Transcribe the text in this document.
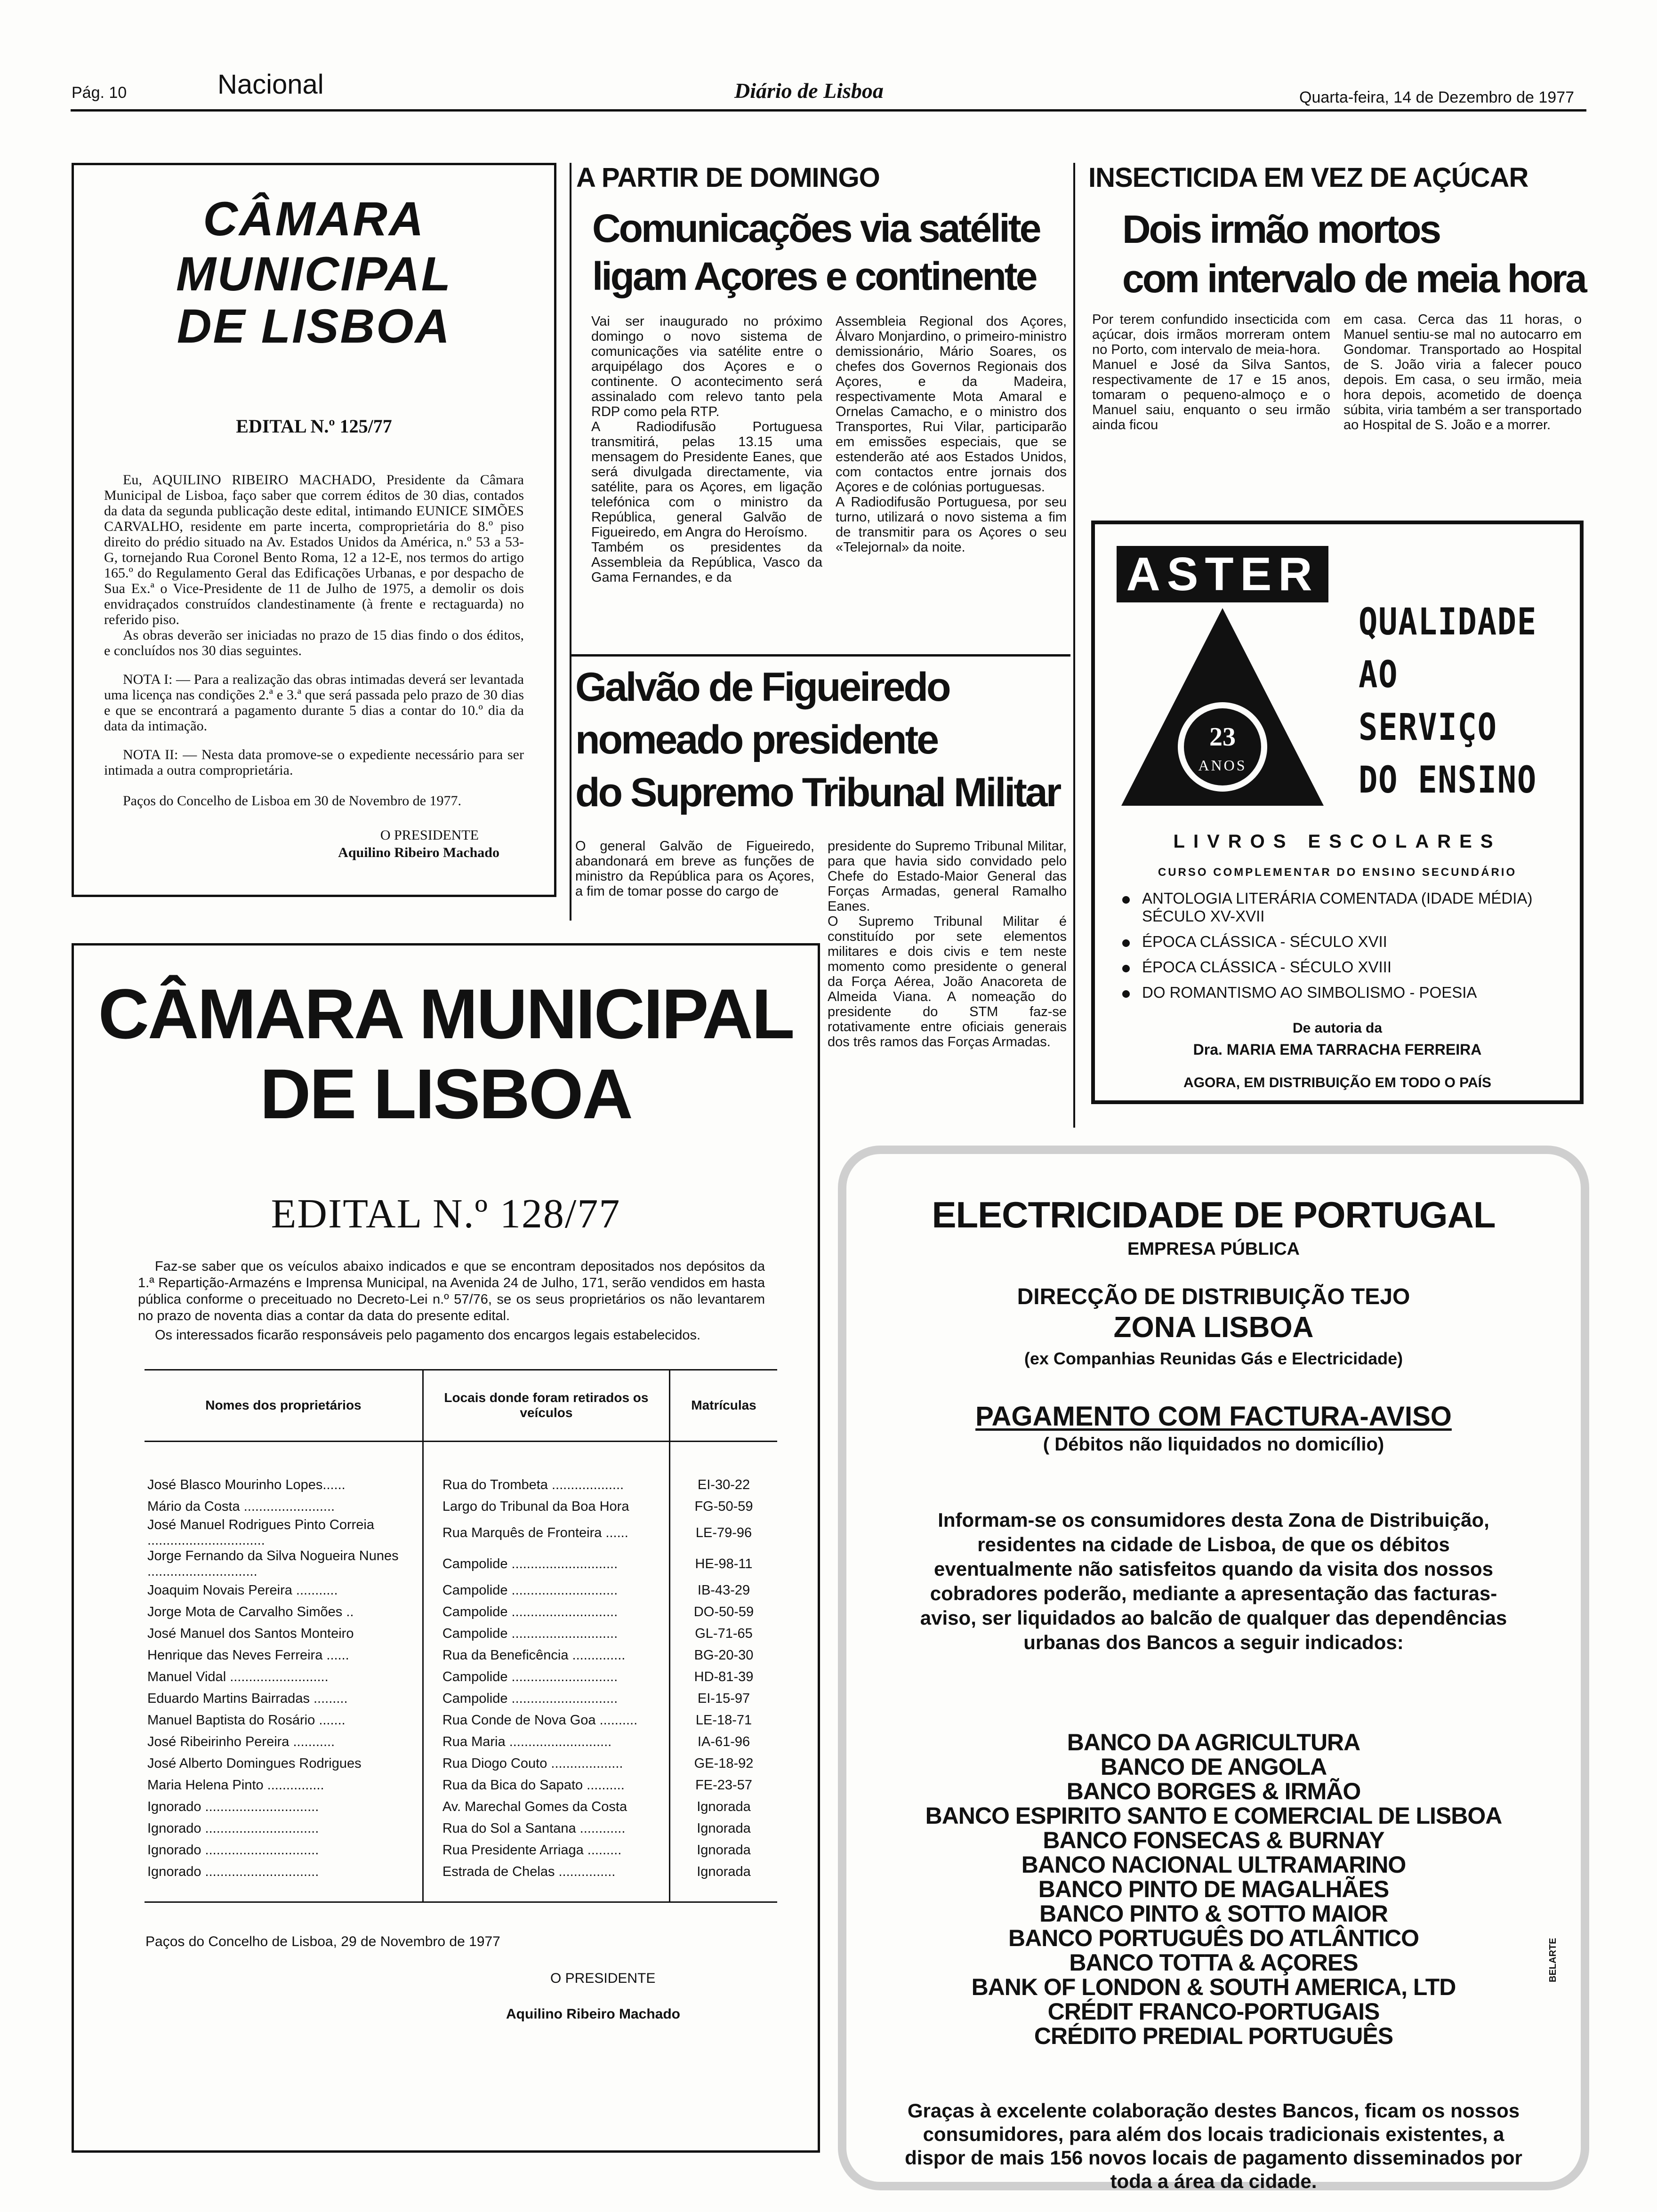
Pág. 10	Nacional	Diário de Lisboa	Quarta-feira, 14 de Dezembro de 1977
CÂMARA MUNICIPAL
DE LISBOA
EDITAL N.º 125/77

Eu, AQUILINO RIBEIRO MACHADO, Presidente da Câmara Municipal de Lisboa, faço saber que correm éditos de 30 dias, contados da data da segunda publicação deste edital, intimando EUNICE SIMÕES CARVALHO, residente em parte incerta, comproprietária do 8.º piso direito do prédio situado na Av. Estados Unidos da América, n.º 53 a 53-G, tornejando Rua Coronel Bento Roma, 12 a 12-E, nos termos do artigo 165.º do Regulamento Geral das Edificações Urbanas, e por despacho de Sua Ex.ª o Vice-Presidente de 11 de Julho de 1975, a demolir os dois envidraçados construídos clandestinamente (à frente e rectaguarda) no referido piso.

As obras deverão ser iniciadas no prazo de 15 dias findo o dos éditos, e concluídos nos 30 dias seguintes.

NOTA I: — Para a realização das obras intimadas deverá ser levantada uma licença nas condições 2.ª e 3.ª que será passada pelo prazo de 30 dias e que se encontrará a pagamento durante 5 dias a contar do 10.º dia da data da intimação.

NOTA II: — Nesta data promove-se o expediente necessário para ser intimada a outra comproprietária.

Paços do Concelho de Lisboa em 30 de Novembro de 1977.

O PRESIDENTE

Aquilino Ribeiro Machado

A PARTIR DE DOMINGO
Comunicações via satélite
ligam Açores e continente

Vai ser inaugurado no próximo domingo o novo sistema de comunicações via satélite entre o arquipélago dos Açores e o continente. O acontecimento será assinalado com relevo tanto pela RDP como pela RTP.
A Radiodifusão Portuguesa transmitirá, pelas 13.15 uma mensagem do Presidente Eanes, que será divulgada directamente, via satélite, para os Açores, em ligação telefónica com o ministro da República, general Galvão de Figueiredo, em Angra do Heroísmo.
Também os presidentes da Assembleia da República, Vasco da Gama Fernandes, e da

Assembleia Regional dos Açores, Álvaro Monjardino, o primeiro-ministro demissionário, Mário Soares, os chefes dos Governos Regionais dos Açores, e da Madeira, respectivamente Mota Amaral e Ornelas Camacho, e o ministro dos Transportes, Rui Vilar, participarão em emissões especiais, que se estenderão até aos Estados Unidos, com contactos entre jornais dos Açores e de colónias portuguesas.
A Radiodifusão Portuguesa, por seu turno, utilizará o novo sistema a fim de transmitir para os Açores o seu «Telejornal» da noite.

Galvão de Figueiredo
nomeado presidente
do Supremo Tribunal Militar

O general Galvão de Figueiredo, abandonará em breve as funções de ministro da República para os Açores, a fim de tomar posse do cargo de

presidente do Supremo Tribunal Militar, para que havia sido convidado pelo Chefe do Estado-Maior General das Forças Armadas, general Ramalho Eanes.
O Supremo Tribunal Militar é constituído por sete elementos militares e dois civis e tem neste momento como presidente o general da Força Aérea, João Anacoreta de Almeida Viana. A nomeação do presidente do STM faz-se rotativamente entre oficiais generais dos três ramos das Forças Armadas.

INSECTICIDA EM VEZ DE AÇÚCAR
Dois irmão mortos
com intervalo de meia hora

Por terem confundido insecticida com açúcar, dois irmãos morreram ontem no Porto, com intervalo de meia-hora.
Manuel e José da Silva Santos, respectivamente de 17 e 15 anos, tomaram o pequeno-almoço e o Manuel saiu, enquanto o seu irmão ainda ficou

em casa. Cerca das 11 horas, o Manuel sentiu-se mal no autocarro em Gondomar. Transportado ao Hospital de S. João viria a falecer pouco depois. Em casa, o seu irmão, meia hora depois, acometido de doença súbita, viria também a ser transportado ao Hospital de S. João e a morrer.

ASTER
23
ANOS
QUALIDADE
AO SERVIÇO
DO ENSINO
LIVROS ESCOLARES
CURSO COMPLEMENTAR DO ENSINO SECUNDÁRIO
ANTOLOGIA LITERÁRIA COMENTADA (IDADE MÉDIA) SÉCULO XV-XVII
ÉPOCA CLÁSSICA - SÉCULO XVII
ÉPOCA CLÁSSICA - SÉCULO XVIII
DO ROMANTISMO AO SIMBOLISMO - POESIA
De autoria da
Dra. MARIA EMA TARRACHA FERREIRA
AGORA, EM DISTRIBUIÇÃO EM TODO O PAÍS
CÂMARA MUNICIPAL
DE LISBOA
EDITAL N.º 128/77

Faz-se saber que os veículos abaixo indicados e que se encontram depositados nos depósitos da 1.ª Repartição-Armazéns e Imprensa Municipal, na Avenida 24 de Julho, 171, serão vendidos em hasta pública conforme o preceituado no Decreto-Lei n.º 57/76, se os seus proprietários os não levantarem no prazo de noventa dias a contar da data do presente edital.

Os interessados ficarão responsáveis pelo pagamento dos encargos legais estabelecidos.

Nomes dos proprietários	Locais donde foram retirados os veículos	Matrículas

José Blasco Mourinho Lopes......	Rua do Trombeta ...................	EI-30-22
Mário da Costa ........................	Largo do Tribunal da Boa Hora	FG-50-59
José Manuel Rodrigues Pinto Correia ...............................	Rua Marquês de Fronteira ......	LE-79-96
Jorge Fernando da Silva Nogueira Nunes .............................	Campolide ............................	HE-98-11
Joaquim Novais Pereira ...........	Campolide ............................	IB-43-29
Jorge Mota de Carvalho Simões ..	Campolide ............................	DO-50-59
José Manuel dos Santos Monteiro	Campolide ............................	GL-71-65
Henrique das Neves Ferreira ......	Rua da Beneficência ..............	BG-20-30
Manuel Vidal ..........................	Campolide ............................	HD-81-39
Eduardo Martins Bairradas .........	Campolide ............................	EI-15-97
Manuel Baptista do Rosário .......	Rua Conde de Nova Goa ..........	LE-18-71
José Ribeirinho Pereira ...........	Rua Maria ...........................	IA-61-96
José Alberto Domingues Rodrigues	Rua Diogo Couto ...................	GE-18-92
Maria Helena Pinto ...............	Rua da Bica do Sapato ..........	FE-23-57
Ignorado ..............................	Av. Marechal Gomes da Costa	Ignorada
Ignorado ..............................	Rua do Sol a Santana ............	Ignorada
Ignorado ..............................	Rua Presidente Arriaga .........	Ignorada
Ignorado ..............................	Estrada de Chelas ...............	Ignorada

Paços do Concelho de Lisboa, 29 de Novembro de 1977
O PRESIDENTE
Aquilino Ribeiro Machado
ELECTRICIDADE DE PORTUGAL
EMPRESA PÚBLICA
DIRECÇÃO DE DISTRIBUIÇÃO TEJO
ZONA LISBOA
(ex Companhias Reunidas Gás e Electricidade)
PAGAMENTO COM FACTURA-AVISO
( Débitos não liquidados no domicílio)
Informam-se os consumidores desta Zona de Distribuição, residentes na cidade de Lisboa, de que os débitos eventualmente não satisfeitos quando da visita dos nossos cobradores poderão, mediante a apresentação das facturas-aviso, ser liquidados ao balcão de qualquer das dependências urbanas dos Bancos a seguir indicados:
BANCO DA AGRICULTURA
BANCO DE ANGOLA
BANCO BORGES & IRMÃO
BANCO ESPIRITO SANTO E COMERCIAL DE LISBOA
BANCO FONSECAS & BURNAY
BANCO NACIONAL ULTRAMARINO
BANCO PINTO DE MAGALHÃES
BANCO PINTO & SOTTO MAIOR
BANCO PORTUGUÊS DO ATLÂNTICO
BANCO TOTTA & AÇORES
BANK OF LONDON & SOUTH AMERICA, LTD
CRÉDIT FRANCO-PORTUGAIS
CRÉDITO PREDIAL PORTUGUÊS
BELARTE
Graças à excelente colaboração destes Bancos, ficam os nossos consumidores, para além dos locais tradicionais existentes, a dispor de mais 156 novos locais de pagamento disseminados por toda a área da cidade.
